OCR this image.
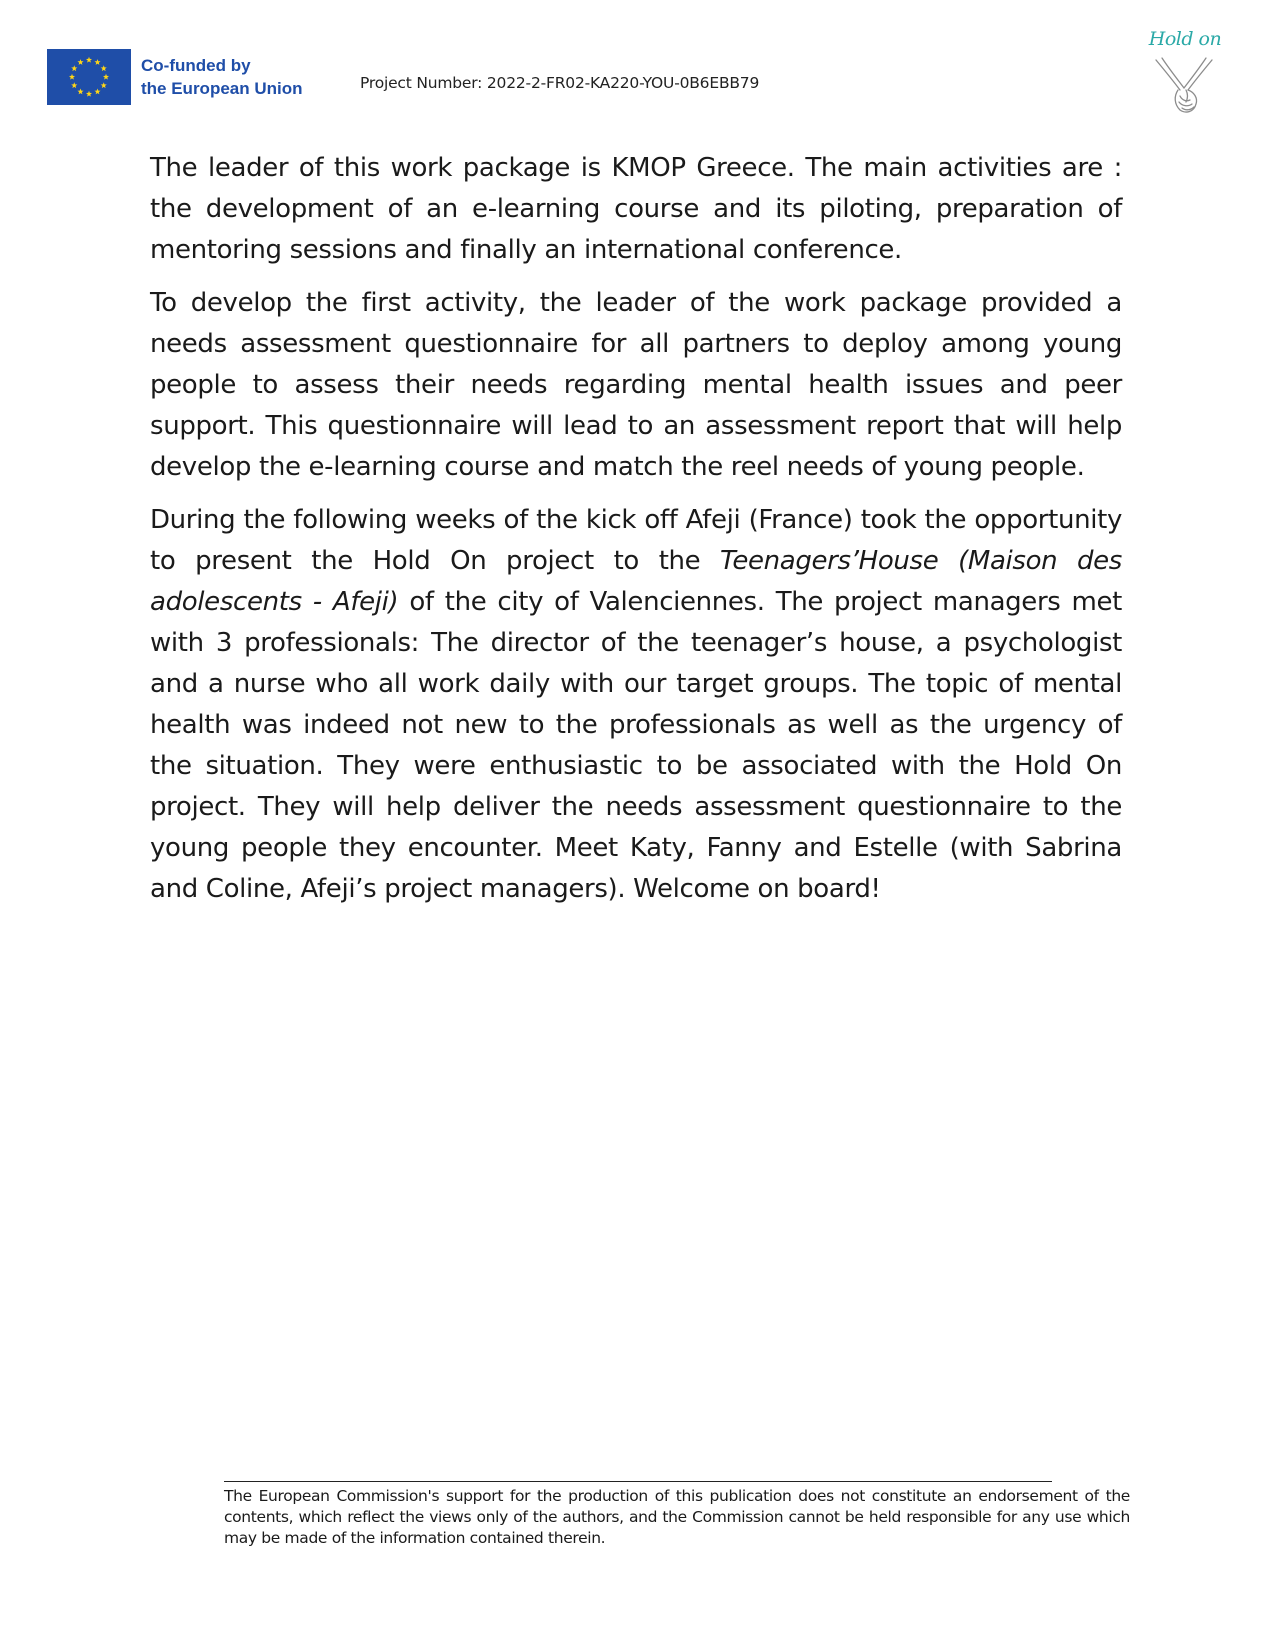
Co-funded by
the European Union	Project Number: 2022-2-FR02-KA220-YOU-0B6EBB79
Hold on

The leader of this work package is KMOP Greece. The main activities are : the development of an e-learning course and its piloting, preparation of mentoring sessions and finally an international conference.

To develop the first activity, the leader of the work package provided a needs assessment questionnaire for all partners to deploy among young people to assess their needs regarding mental health issues and peer support. This questionnaire will lead to an assessment report that will help develop the e-learning course and match the reel needs of young people.

During the following weeks of the kick off Afeji (France) took the opportunity to present the Hold On project to the Teenagers’House (Maison des adolescents - Afeji) of the city of Valenciennes. The project managers met with 3 professionals: The director of the teenager’s house, a psychologist and a nurse who all work daily with our target groups. The topic of mental health was indeed not new to the professionals as well as the urgency of the situation. They were enthusiastic to be associated with the Hold On project. They will help deliver the needs assessment questionnaire to the young people they encounter. Meet Katy, Fanny and Estelle (with Sabrina and Coline, Afeji’s project managers). Welcome on board!

The European Commission's support for the production of this publication does not constitute an endorsement of the contents, which reflect the views only of the authors, and the Commission cannot be held responsible for any use which may be made of the information contained therein.
